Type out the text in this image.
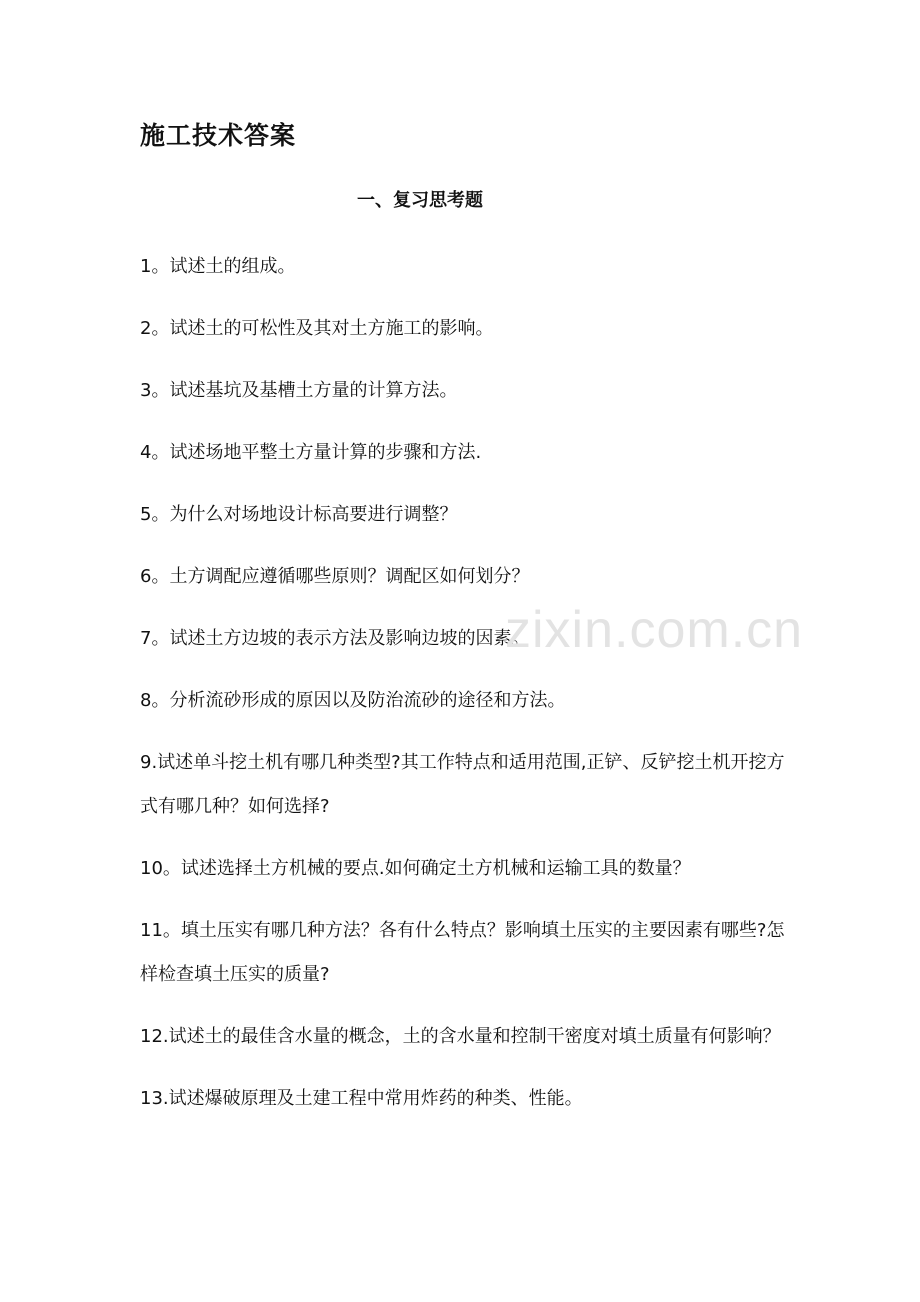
施工技术答案
一、复习思考题
1。试述土的组成。
2。试述土的可松性及其对土方施工的影响。
3。试述基坑及基槽土方量的计算方法。
4。试述场地平整土方量计算的步骤和方法.
5。为什么对场地设计标高要进行调整？
6。土方调配应遵循哪些原则？调配区如何划分？
7。试述土方边坡的表示方法及影响边坡的因素。
8。分析流砂形成的原因以及防治流砂的途径和方法。
9.试述单斗挖土机有哪几种类型?其工作特点和适用范围,正铲、反铲挖土机开挖方式有哪几种？如何选择?
10。试述选择土方机械的要点.如何确定土方机械和运输工具的数量？
11。填土压实有哪几种方法？各有什么特点？影响填土压实的主要因素有哪些?怎样检查填土压实的质量?
12.试述土的最佳含水量的概念，土的含水量和控制干密度对填土质量有何影响？
13.试述爆破原理及土建工程中常用炸药的种类、性能。
zixin.com.cn
